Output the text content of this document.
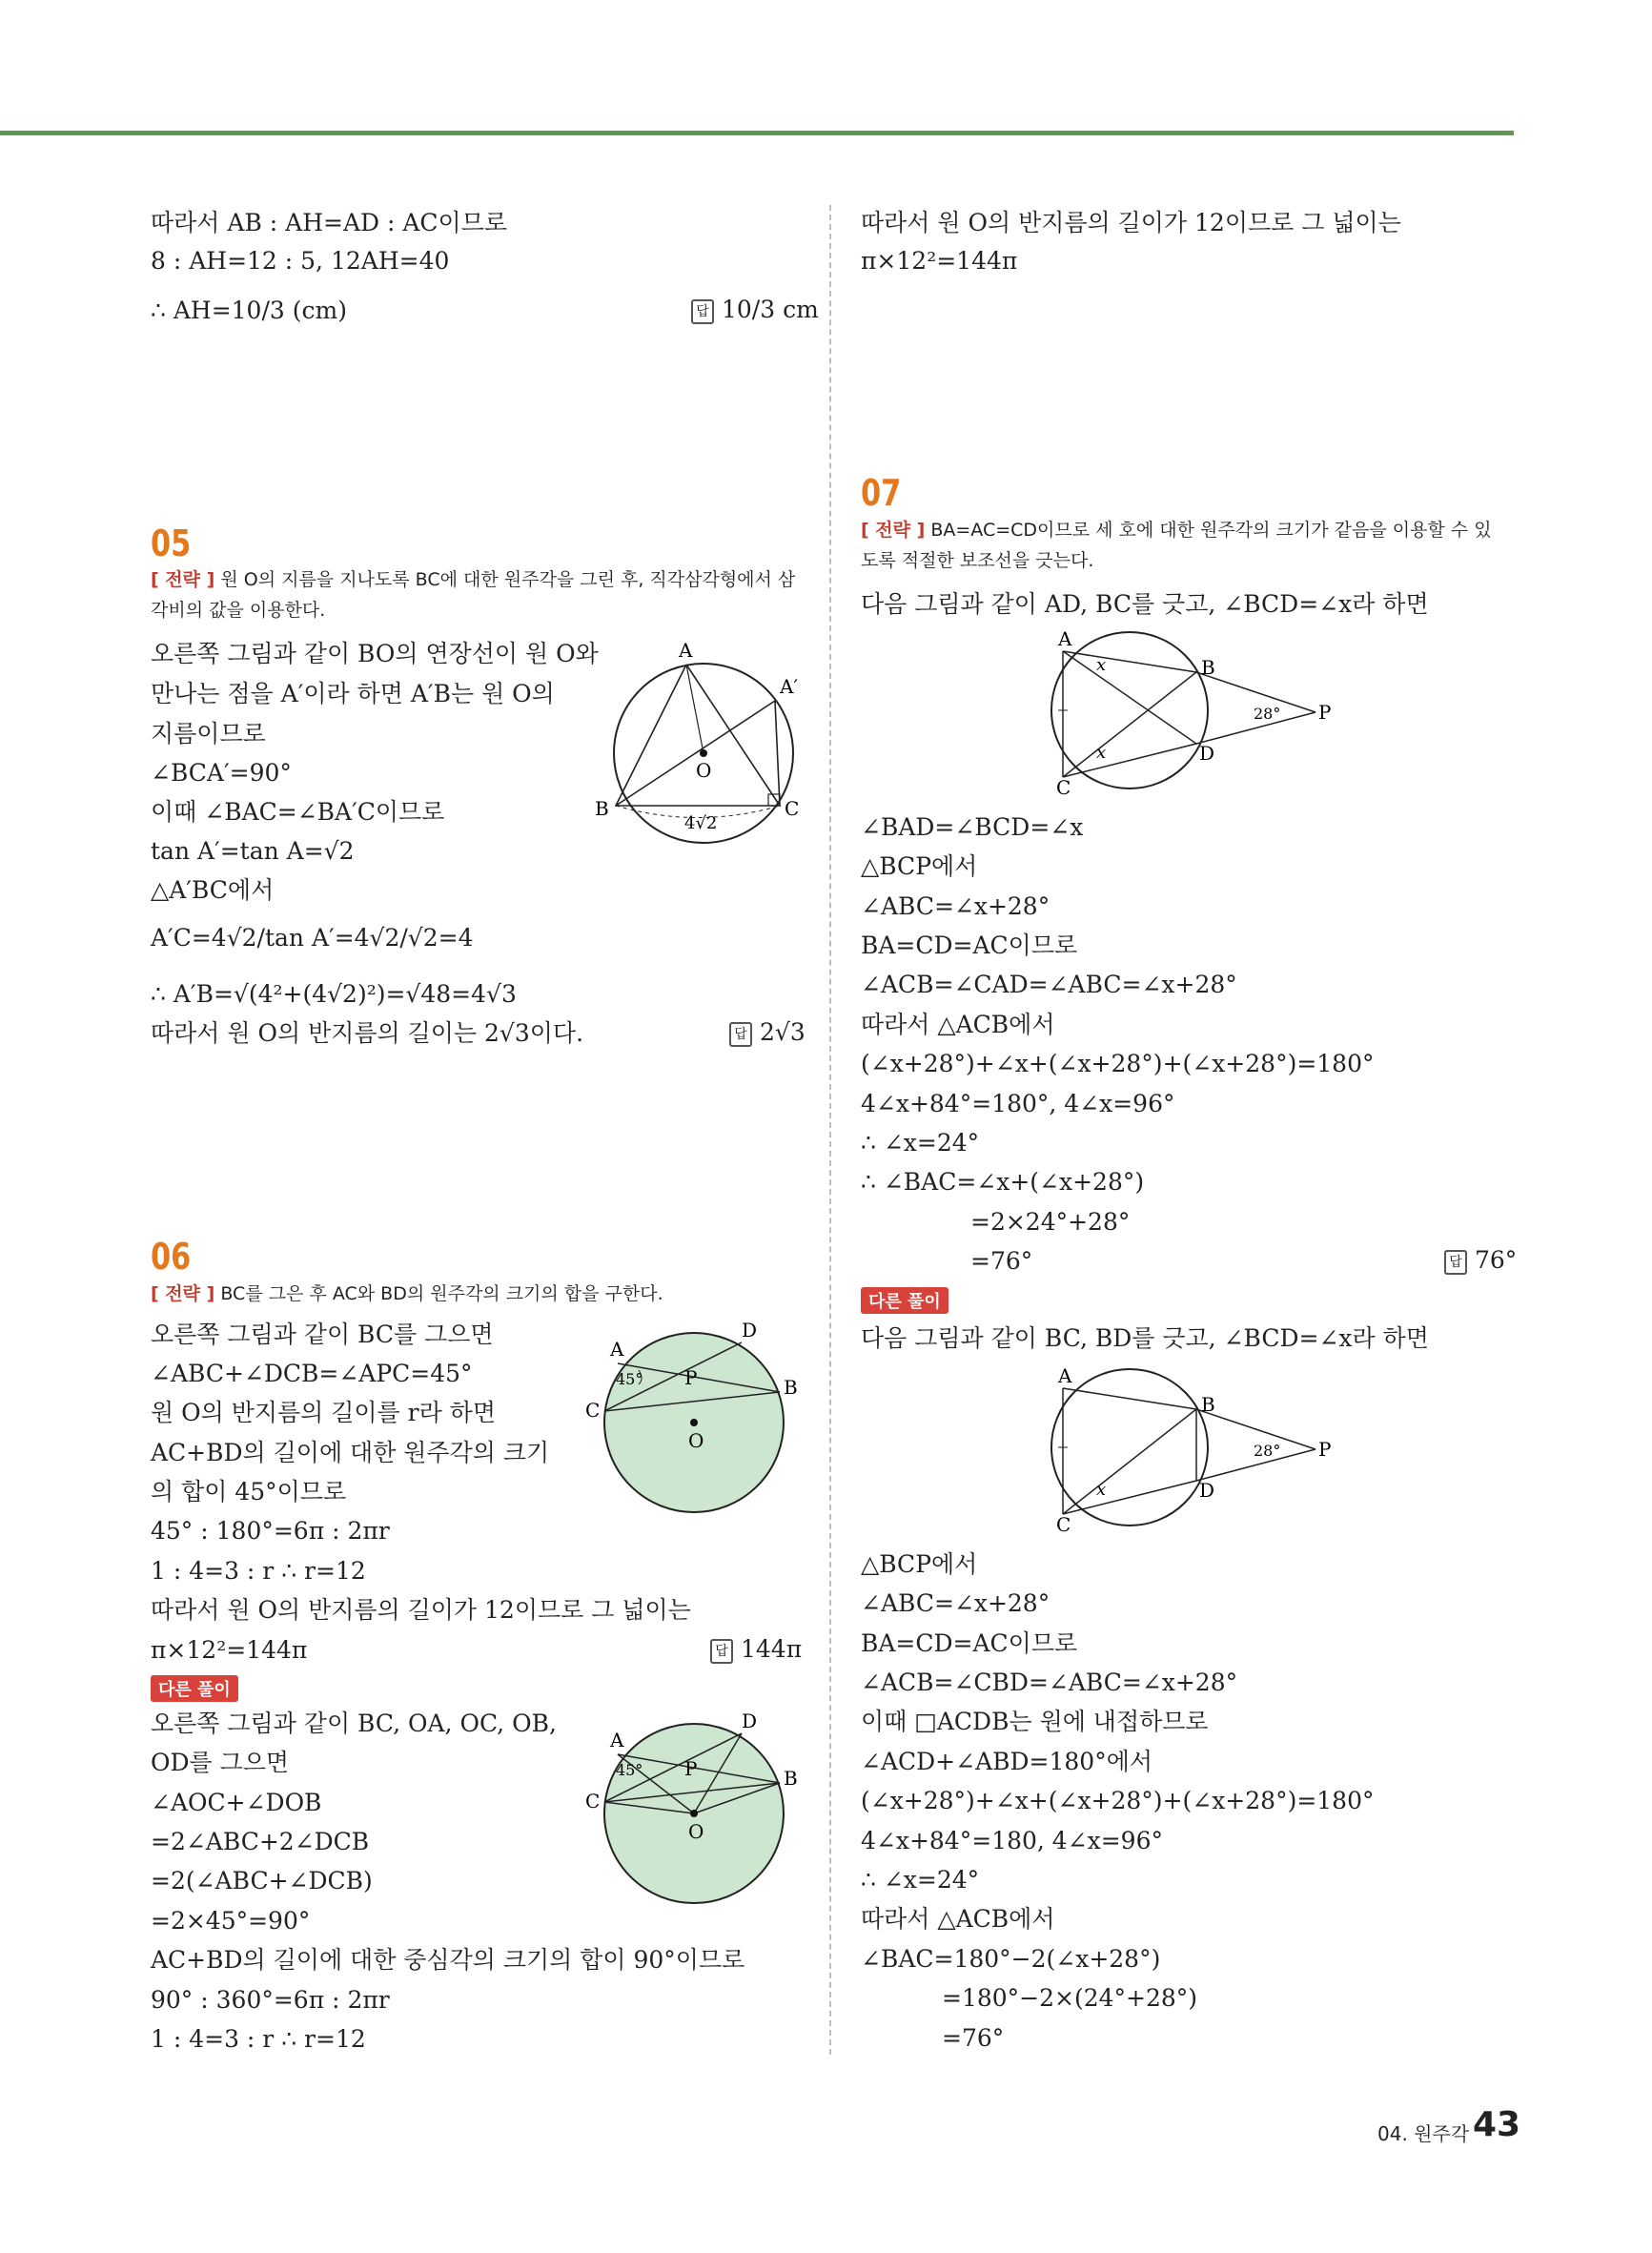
따라서 AB : AH=AD : AC이므로
8 : AH=12 : 5, 12AH=40
∴ AH=10/3 (cm)	답 10/3 cm
05
[ 전략 ] 원 O의 지름을 지나도록 BC에 대한 원주각을 그린 후, 직각삼각형에서 삼
각비의 값을 이용한다.
오른쪽 그림과 같이 BO의 연장선이 원 O와
만나는 점을 A′이라 하면 A′B는 원 O의
지름이므로
∠BCA′=90°
이때 ∠BAC=∠BA′C이므로
tan A′=tan A=√2
△A′BC에서
A′C=4√2/tan A′=4√2/√2=4
∴ A′B=√(4²+(4√2)²)=√48=4√3
따라서 원 O의 반지름의 길이는 2√3이다.	답 2√3
A
A′
B	C
O
4√2
06
[ 전략 ] BC를 그은 후 AC와 BD의 원주각의 크기의 합을 구한다.
오른쪽 그림과 같이 BC를 그으면
∠ABC+∠DCB=∠APC=45°
원 O의 반지름의 길이를 r라 하면
AC+BD의 길이에 대한 원주각의 크기
의 합이 45°이므로
45° : 180°=6π : 2πr
1 : 4=3 : r ∴ r=12
따라서 원 O의 반지름의 길이가 12이므로 그 넓이는
π×12²=144π	답 144π
A
B
C
D
P
O
45°
다른 풀이
오른쪽 그림과 같이 BC, OA, OC, OB,
OD를 그으면
∠AOC+∠DOB
=2∠ABC+2∠DCB
=2(∠ABC+∠DCB)
=2×45°=90°
AC+BD의 길이에 대한 중심각의 크기의 합이 90°이므로
90° : 360°=6π : 2πr
1 : 4=3 : r ∴ r=12
A
B
C
D
P
O
45°
따라서 원 O의 반지름의 길이가 12이므로 그 넓이는
π×12²=144π
07
[ 전략 ] BA=AC=CD이므로 세 호에 대한 원주각의 크기가 같음을 이용할 수 있
도록 적절한 보조선을 긋는다.
다음 그림과 같이 AD, BC를 긋고, ∠BCD=∠x라 하면
A
B
C
D
P
x
x
28°
∠BAD=∠BCD=∠x
△BCP에서
∠ABC=∠x+28°
BA=CD=AC이므로
∠ACB=∠CAD=∠ABC=∠x+28°
따라서 △ACB에서
(∠x+28°)+∠x+(∠x+28°)+(∠x+28°)=180°
4∠x+84°=180°, 4∠x=96°
∴ ∠x=24°
∴ ∠BAC=∠x+(∠x+28°)
=2×24°+28°
=76°	답 76°
다른 풀이
다음 그림과 같이 BC, BD를 긋고, ∠BCD=∠x라 하면
A
B
C
D
P
x
28°
△BCP에서
∠ABC=∠x+28°
BA=CD=AC이므로
∠ACB=∠CBD=∠ABC=∠x+28°
이때 □ACDB는 원에 내접하므로
∠ACD+∠ABD=180°에서
(∠x+28°)+∠x+(∠x+28°)+(∠x+28°)=180°
4∠x+84°=180, 4∠x=96°
∴ ∠x=24°
따라서 △ACB에서
∠BAC=180°−2(∠x+28°)
=180°−2×(24°+28°)
=76°
04. 원주각 43
